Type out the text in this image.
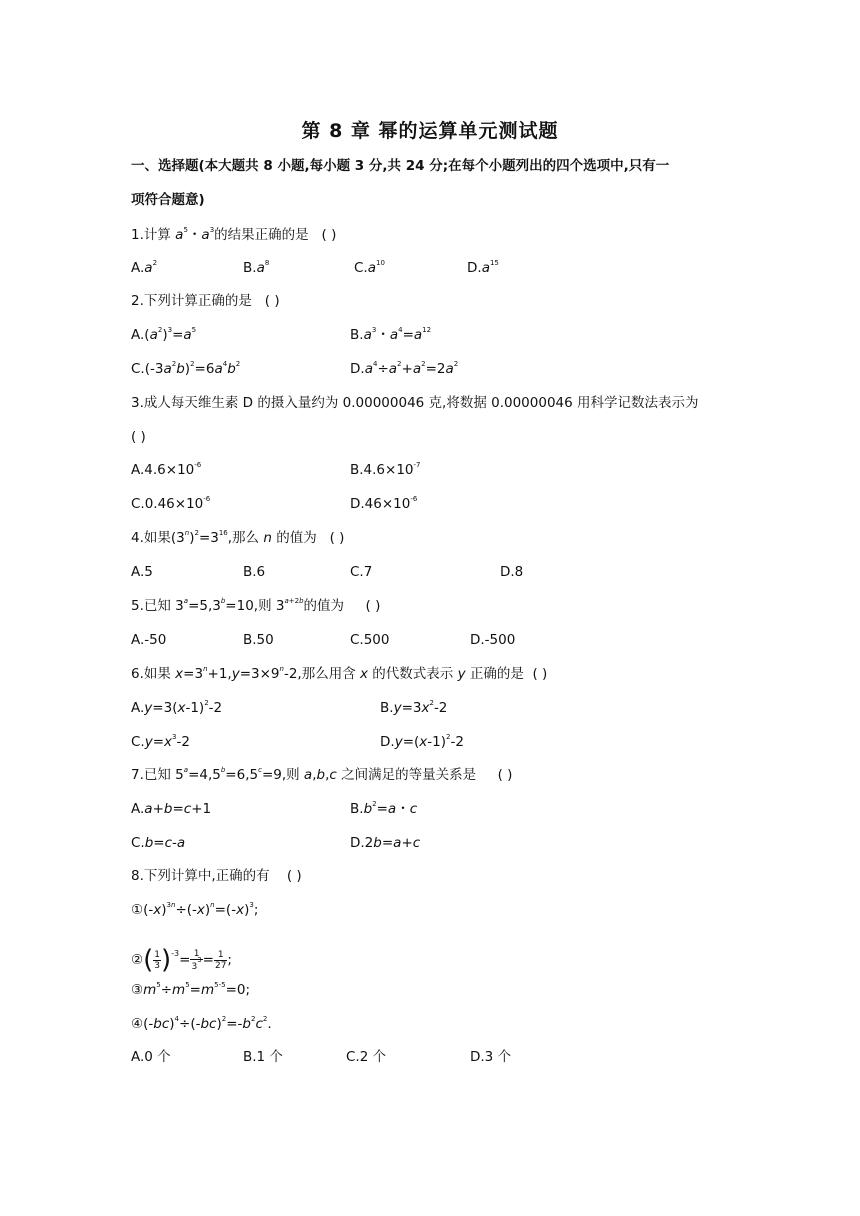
第 8 章 幂的运算单元测试题
一、选择题(本大题共 8 小题,每小题 3 分,共 24 分;在每个小题列出的四个选项中,只有一
项符合题意)
1.计算 $a^5$・$a^3$的结果正确的是 ( )
$A.a^2$	$B.a^8$	$C.a^{10}$	$D.a^{15}$
2.下列计算正确的是 ( )
$A.(a^2)^3=a^5$	$B.a^3$・$a^4=a^{12}$
$C.(-3a^2b)^2=6a^4b^2$	$D.a^4\div a^2+a^2=2a^2$
3.成人每天维生素 D 的摄入量约为 0.00000046 克,将数据 0.00000046 用科学记数法表示为
( )
$A.4.6\times 10^{-6}$	$B.4.6\times 10^{-7}$
$C.0.46\times 10^{-6}$	$D.46\times 10^{-6}$
4.如果$(3^n)^2=3^{16}$,那么 n 的值为 ( )
A.5	B.6	C.7	D.8
5.已知 $3^a=5,3^b=10$,则 $3^{a+2b}$的值为 ( )
A.-50	B.50	C.500	D.-500
6.如果 $x=3^n+1,y=3\times 9^n-2$,那么用含 x 的代数式表示 y 正确的是 ( )
$A.y=3(x-1)^2-2$	$B.y=3x^2-2$
$C.y=x^3-2$	$D.y=(x-1)^2-2$
7.已知 $5^a=4,5^b=6,5^c=9$,则 a,b,c 之间满足的等量关系是 ( )
A.a+b=c+1	$B.b^2=a$・c
C.b=c-a	D.2b=a+c
8.下列计算中,正确的有 ( )
$①(-x)^{3n}\div(-x)^n=(-x)^3$;
②( $\frac{1}{3} )^{-3}= \frac{1}{3^3} = \frac{1}{27}$ ;
$③m^5\div m^5=m^{5-5}=0$;
$④(-bc)^4\div(-bc)^2=-b^2c^2$.
A.0 个	B.1 个	C.2 个	D.3 个
